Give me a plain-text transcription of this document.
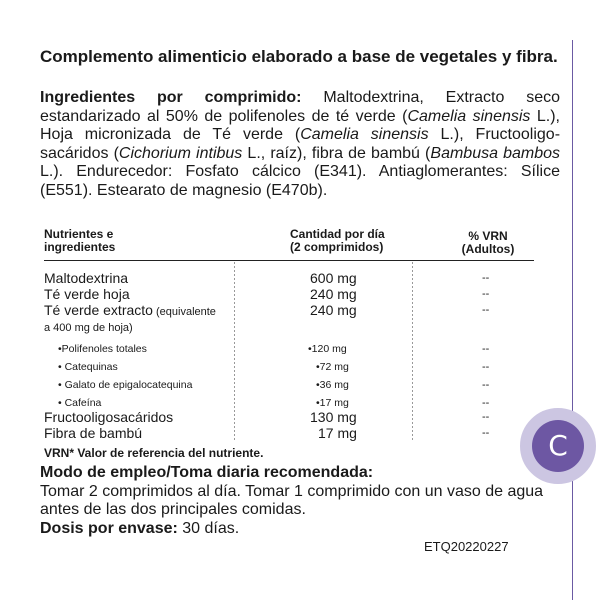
C
Complemento alimenticio elaborado a base de vegetales y fibra.
Ingredientes por comprimido: Maltodextrina, Extracto seco estandarizado al 50% de polifenoles de té verde (Camelia sinensis L.), Hoja micronizada de Té verde (Camelia sinensis L.), Fructooligo-sacáridos (Cichorium intibus L., raíz), fibra de bambú (Bambusa bambos L.). Endurecedor: Fosfato cálcico (E341). Antiaglomerantes: Sílice (E551). Estearato de magnesio (E470b).
Nutrientes e
ingredientes
Cantidad por día
(2 comprimidos)
% VRN
(Adultos)
Maltodextrina	600 mg	--
Té verde hoja	240 mg	--
Té verde extracto (equivalente	240 mg	--
a 400 mg de hoja)
•Polifenoles totales	•120 mg	--
• Catequinas	•72 mg	--
• Galato de epigalocatequina	•36 mg	--
• Cafeína	•17 mg	--
Fructooligosacáridos	130 mg	--
Fibra de bambú	17 mg	--
VRN* Valor de referencia del nutriente.
Modo de empleo/Toma diaria recomendada:
Tomar 2 comprimidos al día. Tomar 1 comprimido con un vaso de agua antes de las dos principales comidas.
Dosis por envase: 30 días.
ETQ20220227
